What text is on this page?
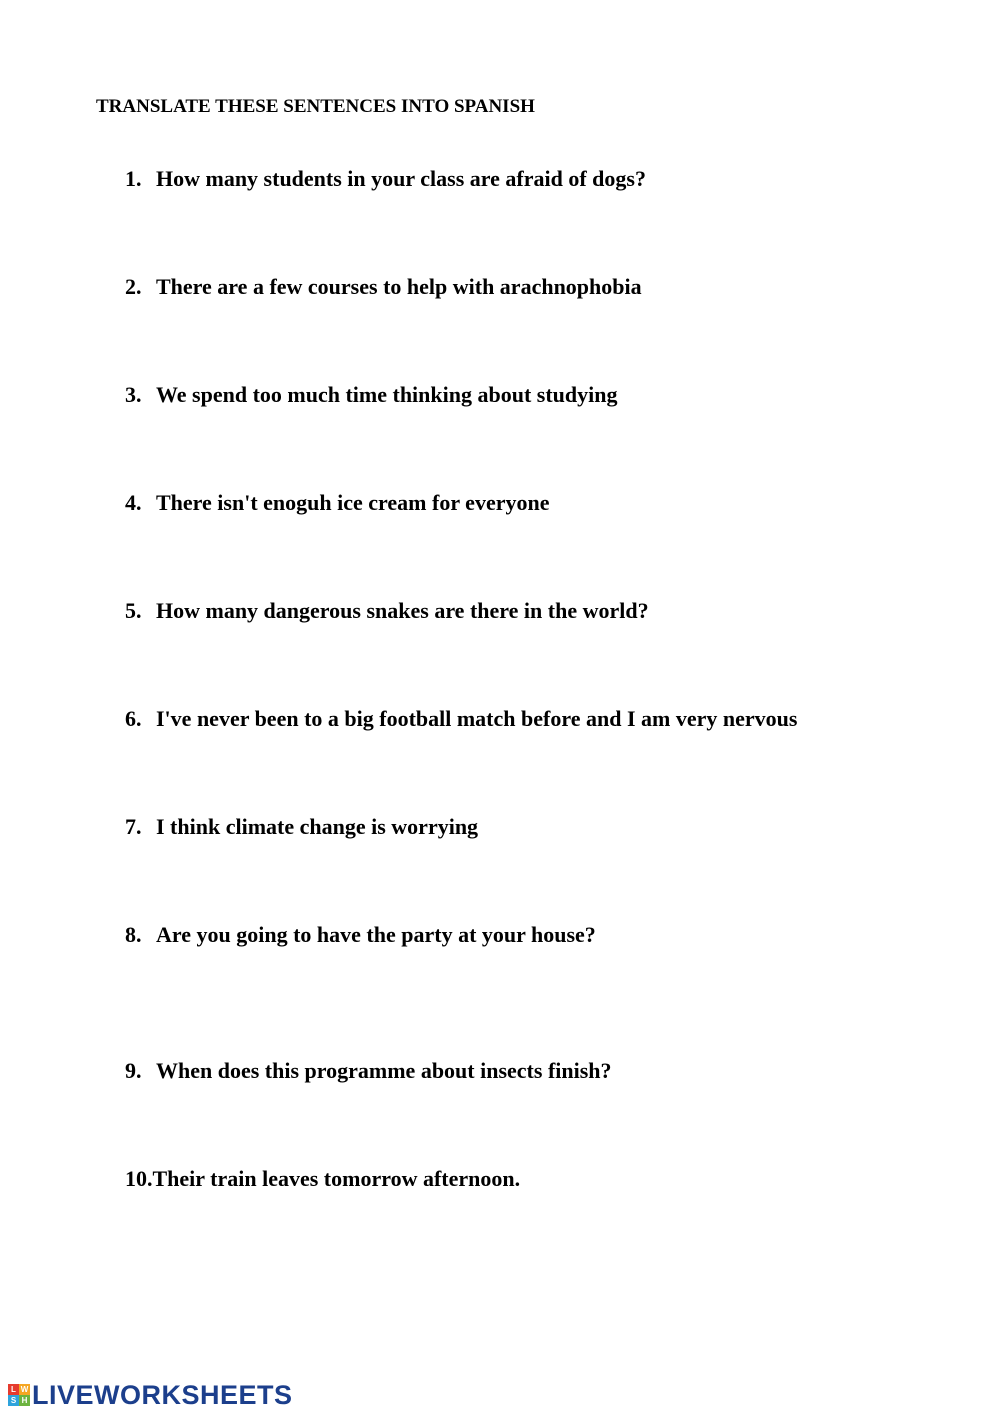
TRANSLATE THESE SENTENCES INTO SPANISH
1. How many students in your class are afraid of dogs?
2. There are a few courses to help with arachnophobia
3. We spend too much time thinking about studying
4. There isn't enoguh ice cream for everyone
5. How many dangerous snakes are there in the world?
6. I've never been to a big football match before and I am very nervous
7. I think climate change is worrying
8. Are you going to have the party at your house?
9. When does this programme about insects finish?
10.Their train leaves tomorrow afternoon.
L W
S H LIVEWORKSHEETS
